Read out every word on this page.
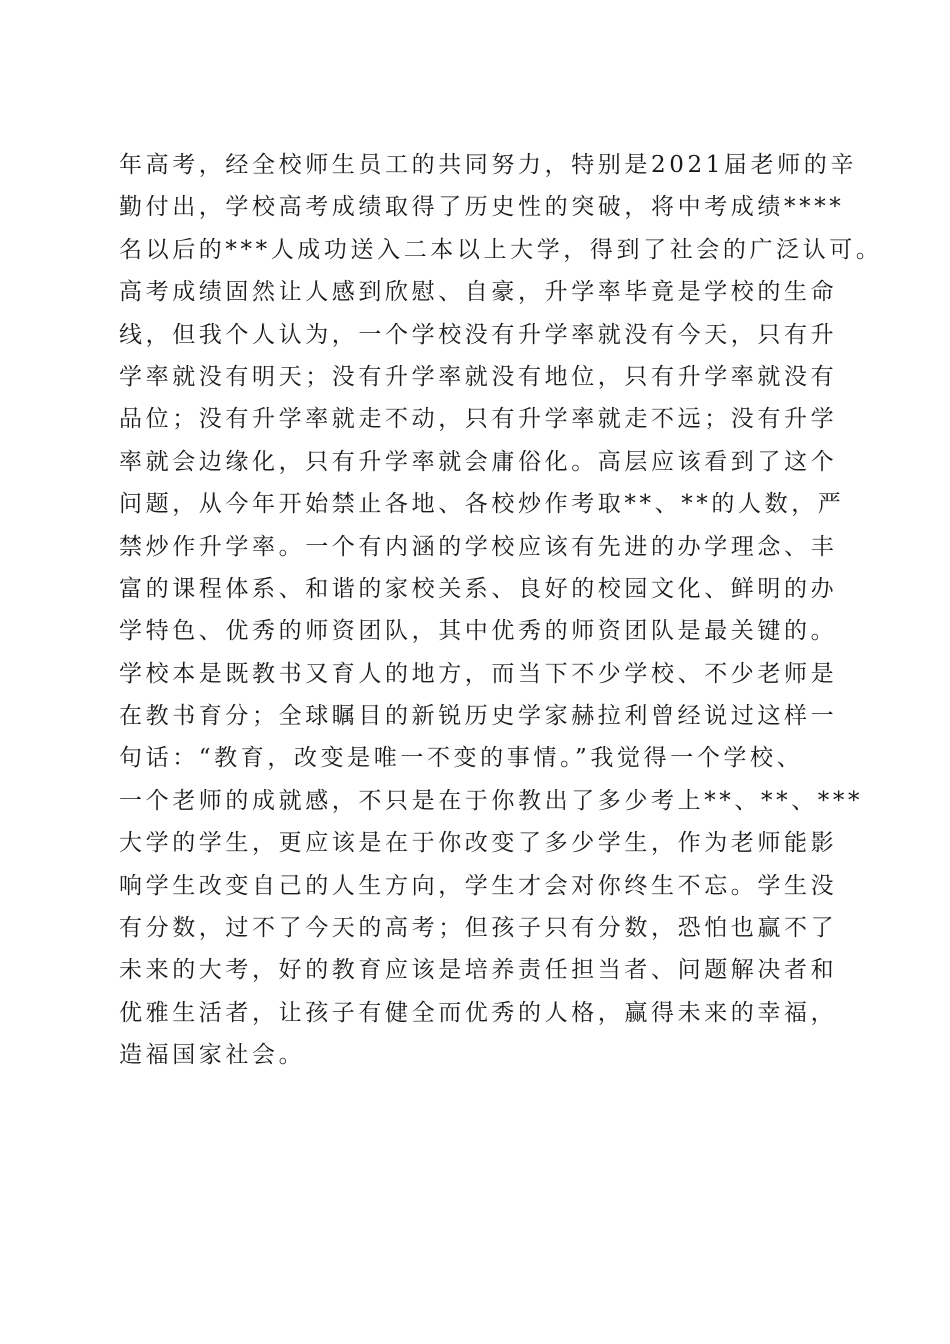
年高考，经全校师生员工的共同努力，特别是2021届老师的辛
勤付出，学校高考成绩取得了历史性的突破，将中考成绩****
名以后的***人成功送入二本以上大学，得到了社会的广泛认可。
高考成绩固然让人感到欣慰、自豪，升学率毕竟是学校的生命
线，但我个人认为，一个学校没有升学率就没有今天，只有升
学率就没有明天；没有升学率就没有地位，只有升学率就没有
品位；没有升学率就走不动，只有升学率就走不远；没有升学
率就会边缘化，只有升学率就会庸俗化。高层应该看到了这个
问题，从今年开始禁止各地、各校炒作考取**、**的人数，严
禁炒作升学率。一个有内涵的学校应该有先进的办学理念、丰
富的课程体系、和谐的家校关系、良好的校园文化、鲜明的办
学特色、优秀的师资团队，其中优秀的师资团队是最关键的。
学校本是既教书又育人的地方，而当下不少学校、不少老师是
在教书育分；全球瞩目的新锐历史学家赫拉利曾经说过这样一
句话：“教育，改变是唯一不变的事情。”我觉得一个学校、
一个老师的成就感，不只是在于你教出了多少考上**、**、***
大学的学生，更应该是在于你改变了多少学生，作为老师能影
响学生改变自己的人生方向，学生才会对你终生不忘。学生没
有分数，过不了今天的高考；但孩子只有分数，恐怕也赢不了
未来的大考，好的教育应该是培养责任担当者、问题解决者和
优雅生活者，让孩子有健全而优秀的人格，赢得未来的幸福，
造福国家社会。
